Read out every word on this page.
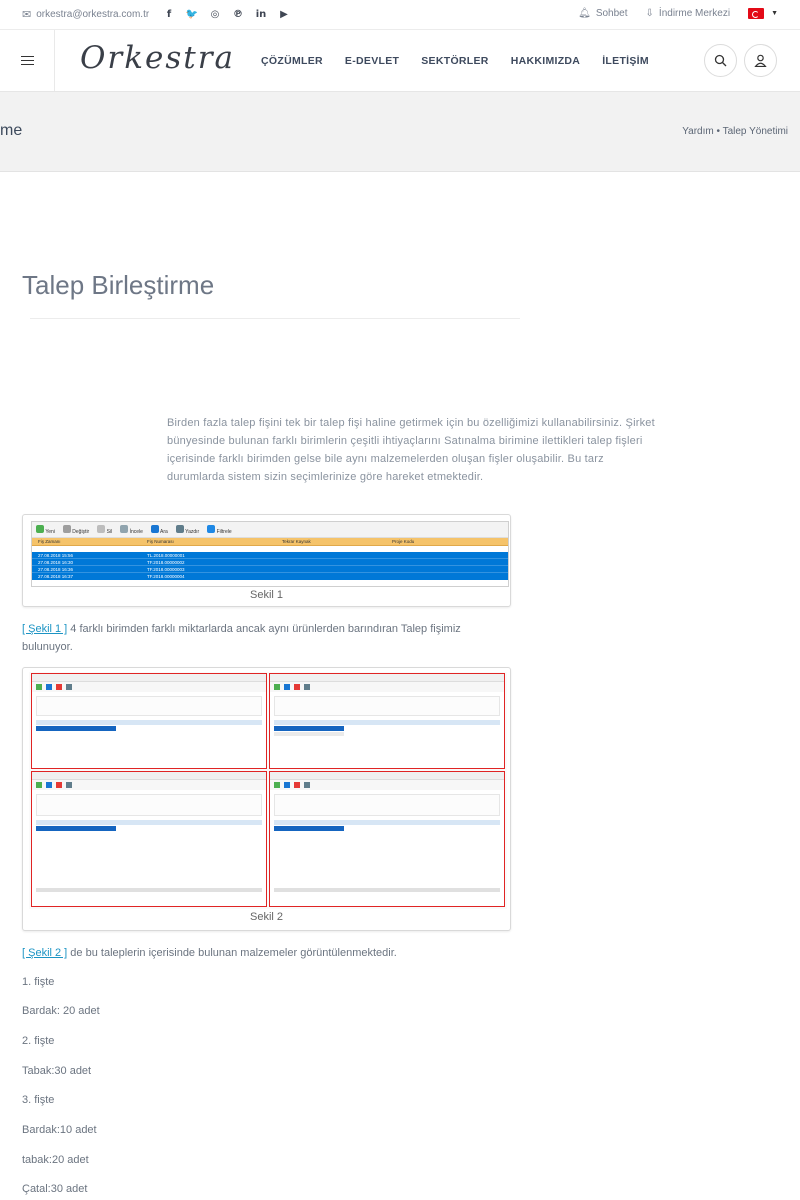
✉ orkestra@orkestra.com.tr	f	🐦 ◎ ℗ in	▶	🔔︎ Sohbet ⇩ İndirme Merkezi	▼
Orkestra ÇÖZÜMLER E-DEVLET SEKTÖRLER HAKKIMIZDA İLETİŞİM
me	Yardım • Talep Yönetimi
Talep Birleştirme

Birden fazla talep fişini tek bir talep fişi haline getirmek için bu özelliğimizi kullanabilirsiniz. Şirket bünyesinde bulunan farklı birimlerin çeşitli ihtiyaçlarını Satınalma birimine ilettikleri talep fişleri içerisinde farklı birimden gelse bile aynı malzemelerden oluşan fişler oluşabilir. Bu tarz durumlarda sistem sizin seçimlerinize göre hareket etmektedir.

Yeni	Değiştir	Sil	İncele	Ara	Yazdır	Filtrele
Fiş Zamanı	Fiş Numarası	Tekrar Kaynak	Proje Kodu
27.08.2018 15:56	TL.2018.00000001
27.08.2018 16:30	TF.2018.00000002
27.08.2018 16:36	TF.2018.00000003
27.08.2018 16:37	TF.2018.00000004
Sekil 1

[ Şekil 1 ] 4 farklı birimden farklı miktarlarda ancak aynı ürünlerden barındıran Talep fişimiz bulunuyor.

Sekil 2

[ Şekil 2 ] de bu taleplerin içerisinde bulunan malzemeler görüntülenmektedir.

1. fişte
Bardak: 20 adet
2. fişte
Tabak:30 adet
3. fişte
Bardak:10 adet
tabak:20 adet
Çatal:30 adet
